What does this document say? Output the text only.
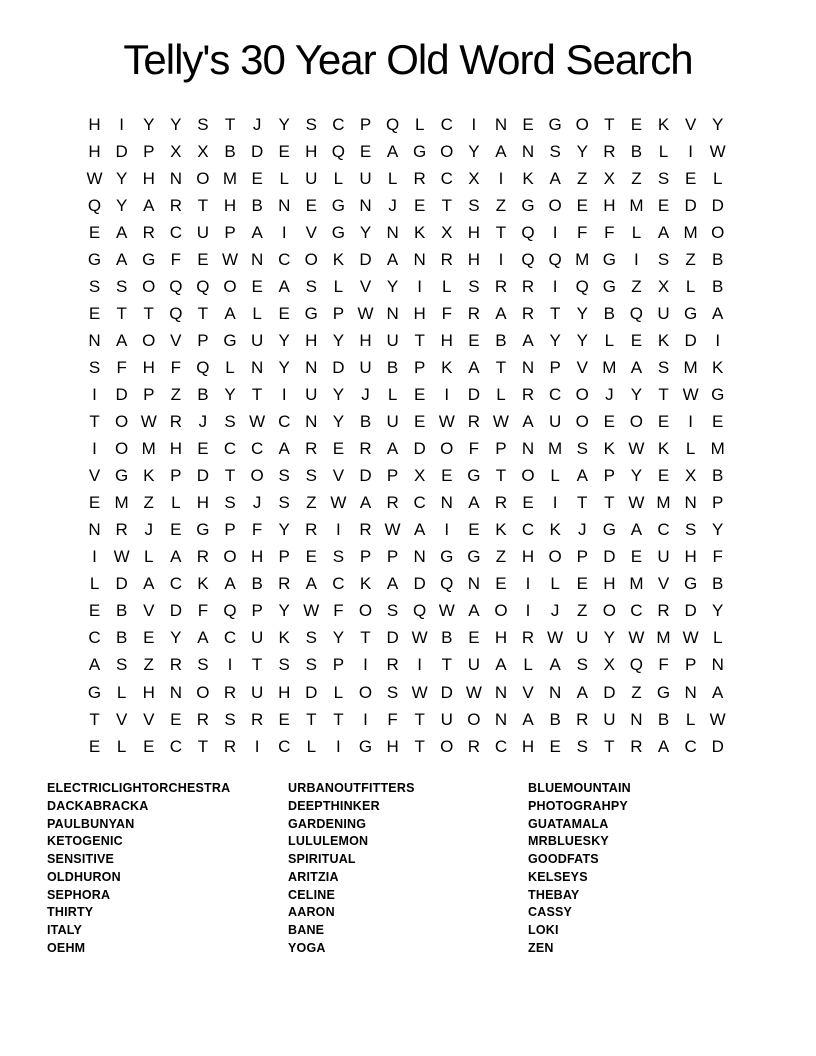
Telly's 30 Year Old Word Search
H	I	Y Y S T	J	Y S C P Q L C	I	N E G O T E K V Y
H D P X X B D E H Q E A G O Y A N S Y R B L	I W
W Y H N O M E L U L U L R C X	I	K A Z X Z S E L
Q Y A R T H B N E G N J	E T S Z G O E H M E D D
E A R C U P A	I	V G Y N K X H T Q	I	F F	L A M O
G A G F E W N C O K D A N R H	I	Q Q M G	I	S Z B
S S O Q Q O E A S L V Y	I	L S R R	I	Q G Z X L B
E T T Q T A L E G P W N H F R A R T Y B Q U G A
N A O V P G U Y H Y H U T H E B A Y Y L E K D	I
S F H F Q L N Y N D U B P K A T N P V M A S M K
I	D P Z B Y T	I	U Y	J	L E	I	D L R C O J	Y T W G
T O W R J	S W C N Y B U E W R W A U O E O E	I	E
I	O M H E C C A R E R A D O F P N M S K W K L M
V G K P D T O S S V D P X E G T O L A P Y E X B
E M Z	L H S	J	S Z W A R C N A R E	I	T T W M N P
N R J	E G P F Y R	I	R W A	I	E K C K	J G A C S Y
I W L A R O H P E S P P N G G Z H O P D E U H F
L D A C K A B R A C K A D Q N E	I	L E H M V G B
E B V D F Q P Y W F O S Q W A O	I	J	Z O C R D Y
C B E Y A C U K S Y T D W B E H R W U Y W M W L
A S Z R S	I	T S S P	I	R	I	T U A L A S X Q F P N
G L H N O R U H D L O S W D W N V N A D Z G N A
T V V E R S R E T T	I	F T U O N A B R U N B L W
E L E C T R	I	C L	I	G H T O R C H E S T R A C D
ELECTRICLIGHTORCHESTRA
DACKABRACKA
PAULBUNYAN
KETOGENIC
SENSITIVE
OLDHURON
SEPHORA
THIRTY
ITALY
OEHM
URBANOUTFITTERS
DEEPTHINKER
GARDENING
LULULEMON
SPIRITUAL
ARITZIA
CELINE
AARON
BANE
YOGA
BLUEMOUNTAIN
PHOTOGRAHPY
GUATAMALA
MRBLUESKY
GOODFATS
KELSEYS
THEBAY
CASSY
LOKI
ZEN
